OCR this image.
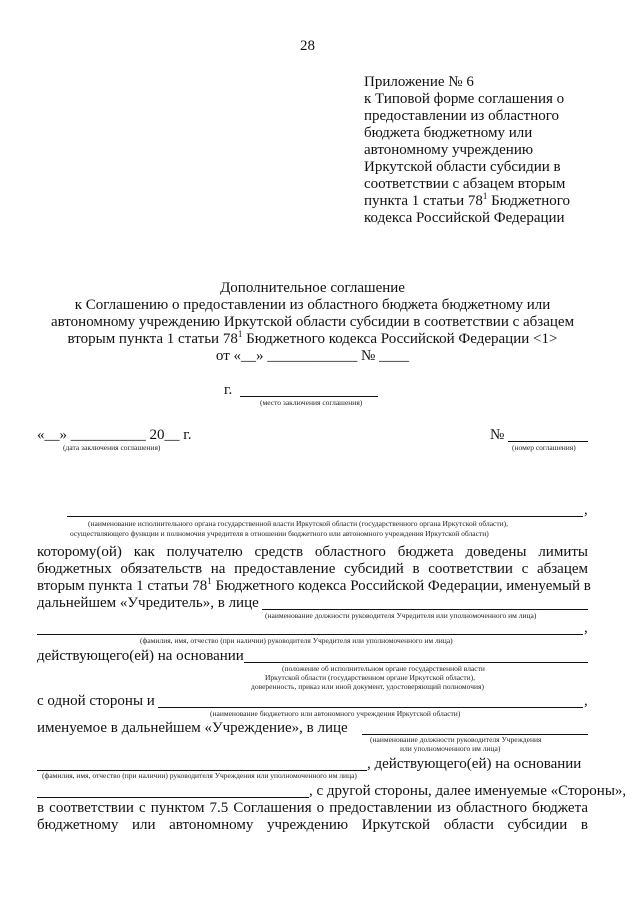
28
Приложение № 6
к Типовой форме соглашения о
предоставлении из областного
бюджета бюджетному или
автономному учреждению
Иркутской области субсидии в
соответствии с абзацем вторым
пункта 1 статьи $78^1$ Бюджетного
кодекса Российской Федерации
Дополнительное соглашение
к Соглашению о предоставлении из областного бюджета бюджетному или
автономному учреждению Иркутской области субсидии в соответствии с абзацем
вторым пункта 1 статьи $78^1$ Бюджетного кодекса Российской Федерации <1>
от «__» ____________ № ____
г.
(место заключения соглашения)
«__» __________ 20__ г.
(дата заключения соглашения)
№
(номер соглашения)
,
(наименование исполнительного органа государственной власти Иркутской области (государственного органа Иркутской области),
осуществляющего функции и полномочия учредителя в отношении бюджетного или автономного учреждения Иркутской области)
которому(ой) как получателю средств областного бюджета доведены лимиты
бюджетных обязательств на предоставление субсидий в соответствии с абзацем
вторым пункта 1 статьи $78^1$ Бюджетного кодекса Российской Федерации, именуемый в
дальнейшем «Учредитель», в лице
(наименование должности руководителя Учредителя или уполномоченного им лица)
,
(фамилия, имя, отчество (при наличии) руководителя Учредителя или уполномоченного им лица)
действующего(ей) на основании
(положение об исполнительном органе государственной власти
Иркутской области (государственном органе Иркутской области),
доверенность, приказ или иной документ, удостоверяющий полномочия)
с одной стороны и	,
(наименование бюджетного или автономного учреждения Иркутской области)
именуемое в дальнейшем «Учреждение», в лице
(наименование должности руководителя Учреждения
или уполномоченного им лица)
, действующего(ей) на основании
(фамилия, имя, отчество (при наличии) руководителя Учреждения или уполномоченного им лица)
, с другой стороны, далее именуемые «Стороны»,
в соответствии с пунктом 7.5 Соглашения о предоставлении из областного бюджета
бюджетному или автономному учреждению Иркутской области субсидии в
